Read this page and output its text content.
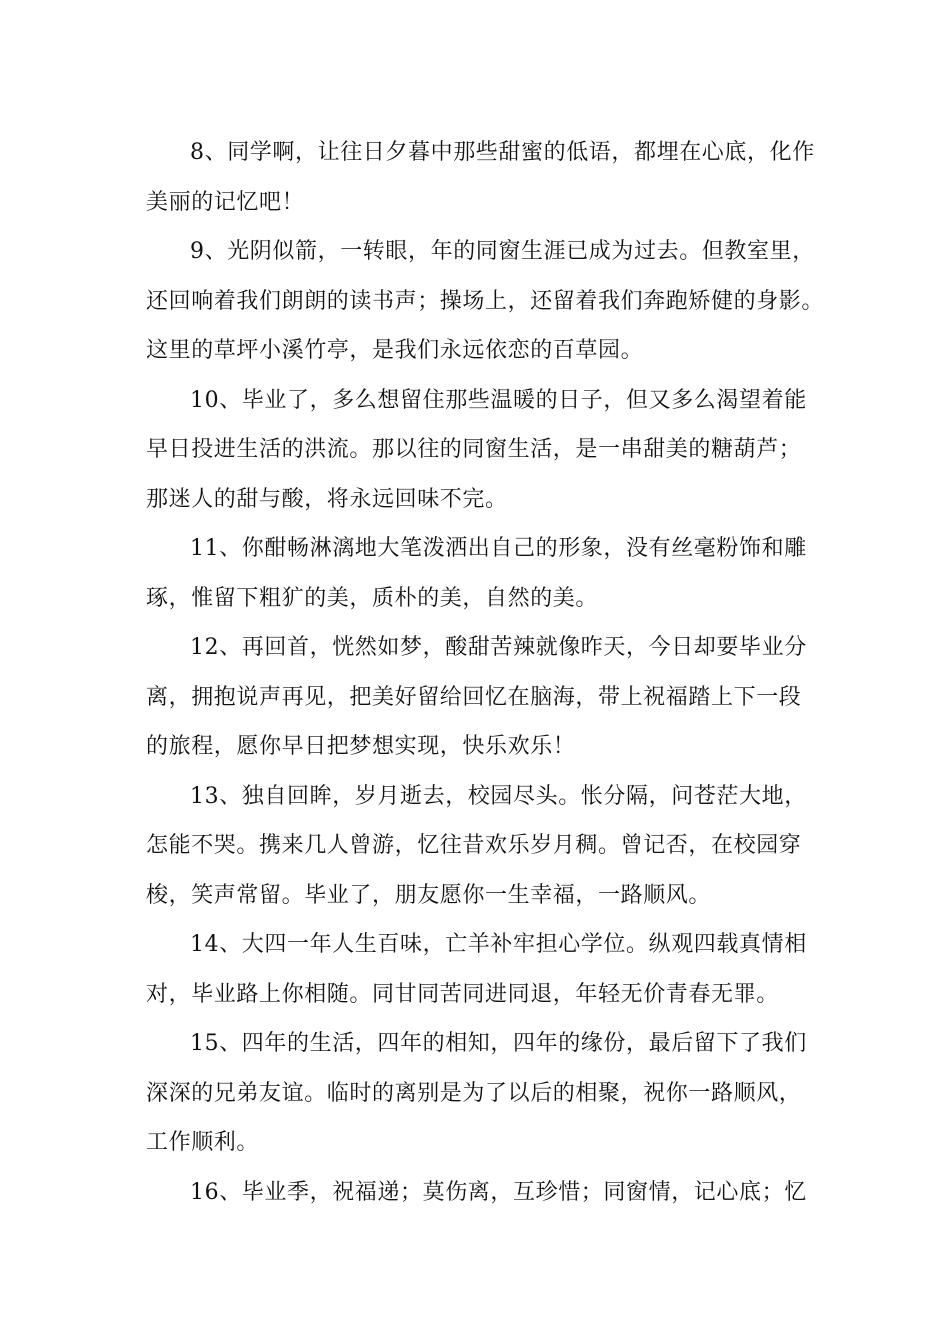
8、同学啊，让往日夕暮中那些甜蜜的低语，都埋在心底，化作
美丽的记忆吧！

9、光阴似箭，一转眼，年的同窗生涯已成为过去。但教室里，
还回响着我们朗朗的读书声；操场上，还留着我们奔跑矫健的身影。
这里的草坪小溪竹亭，是我们永远依恋的百草园。

10、毕业了，多么想留住那些温暖的日子，但又多么渴望着能
早日投进生活的洪流。那以往的同窗生活，是一串甜美的糖葫芦；
那迷人的甜与酸，将永远回味不完。

11、你酣畅淋漓地大笔泼洒出自己的形象，没有丝毫粉饰和雕
琢，惟留下粗犷的美，质朴的美，自然的美。

12、再回首，恍然如梦，酸甜苦辣就像昨天，今日却要毕业分
离，拥抱说声再见，把美好留给回忆在脑海，带上祝福踏上下一段
的旅程，愿你早日把梦想实现，快乐欢乐！

13、独自回眸，岁月逝去，校园尽头。怅分隔，问苍茫大地，
怎能不哭。携来几人曾游，忆往昔欢乐岁月稠。曾记否，在校园穿
梭，笑声常留。毕业了，朋友愿你一生幸福，一路顺风。

14、大四一年人生百味，亡羊补牢担心学位。纵观四载真情相
对，毕业路上你相随。同甘同苦同进同退，年轻无价青春无罪。

15、四年的生活，四年的相知，四年的缘份，最后留下了我们
深深的兄弟友谊。临时的离别是为了以后的相聚，祝你一路顺风，
工作顺利。

16、毕业季，祝福递；莫伤离，互珍惜；同窗情，记心底；忆
